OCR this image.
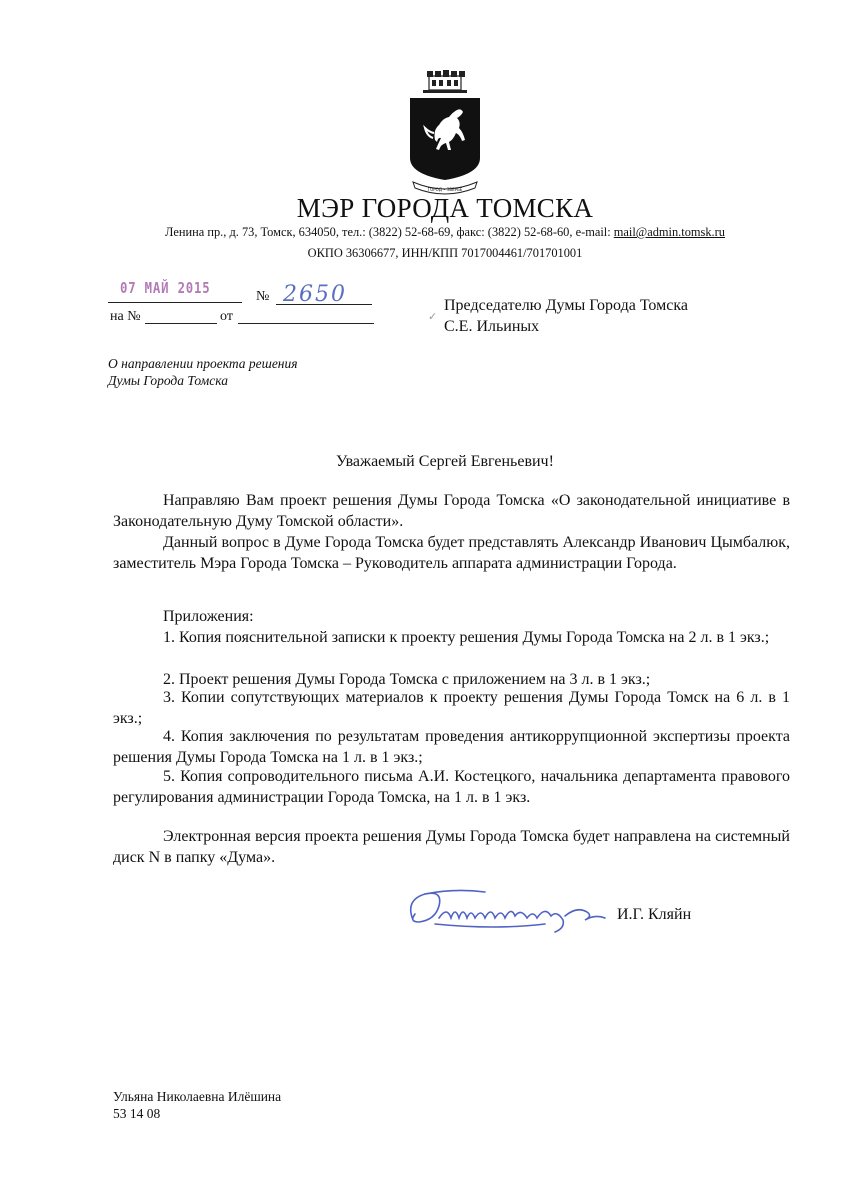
ГОРОД • ЗВЕРЬЕ
МЭР ГОРОДА ТОМСКА
Ленина пр., д. 73, Томск, 634050, тел.: (3822) 52-68-69, факс: (3822) 52-68-60, e-mail: mail@admin.tomsk.ru
ОКПО 36306677, ИНН/КПП 7017004461/701701001
07 МАЙ 2015	№ 2650
на №	от	✓
Председателю Думы Города Томска
С.Е. Ильиных
О направлении проекта решения
Думы Города Томска
Уважаемый Сергей Евгеньевич!
Направляю Вам проект решения Думы Города Томска «О законодательной инициативе в Законодательную Думу Томской области».
Данный вопрос в Думе Города Томска будет представлять Александр Иванович Цымбалюк, заместитель Мэра Города Томска – Руководитель аппарата администрации Города.
Приложения:
1. Копия пояснительной записки к проекту решения Думы Города Томска на 2 л. в 1 экз.;
2. Проект решения Думы Города Томска с приложением на 3 л. в 1 экз.;
3. Копии сопутствующих материалов к проекту решения Думы Города Томск на 6 л. в 1 экз.;
4. Копия заключения по результатам проведения антикоррупционной экспертизы проекта решения Думы Города Томска на 1 л. в 1 экз.;
5. Копия сопроводительного письма А.И. Костецкого, начальника департамента правового регулирования администрации Города Томска, на 1 л. в 1 экз.
Электронная версия проекта решения Думы Города Томска будет направлена на системный диск N в папку «Дума».
И.Г. Кляйн
Ульяна Николаевна Илёшина
53 14 08
